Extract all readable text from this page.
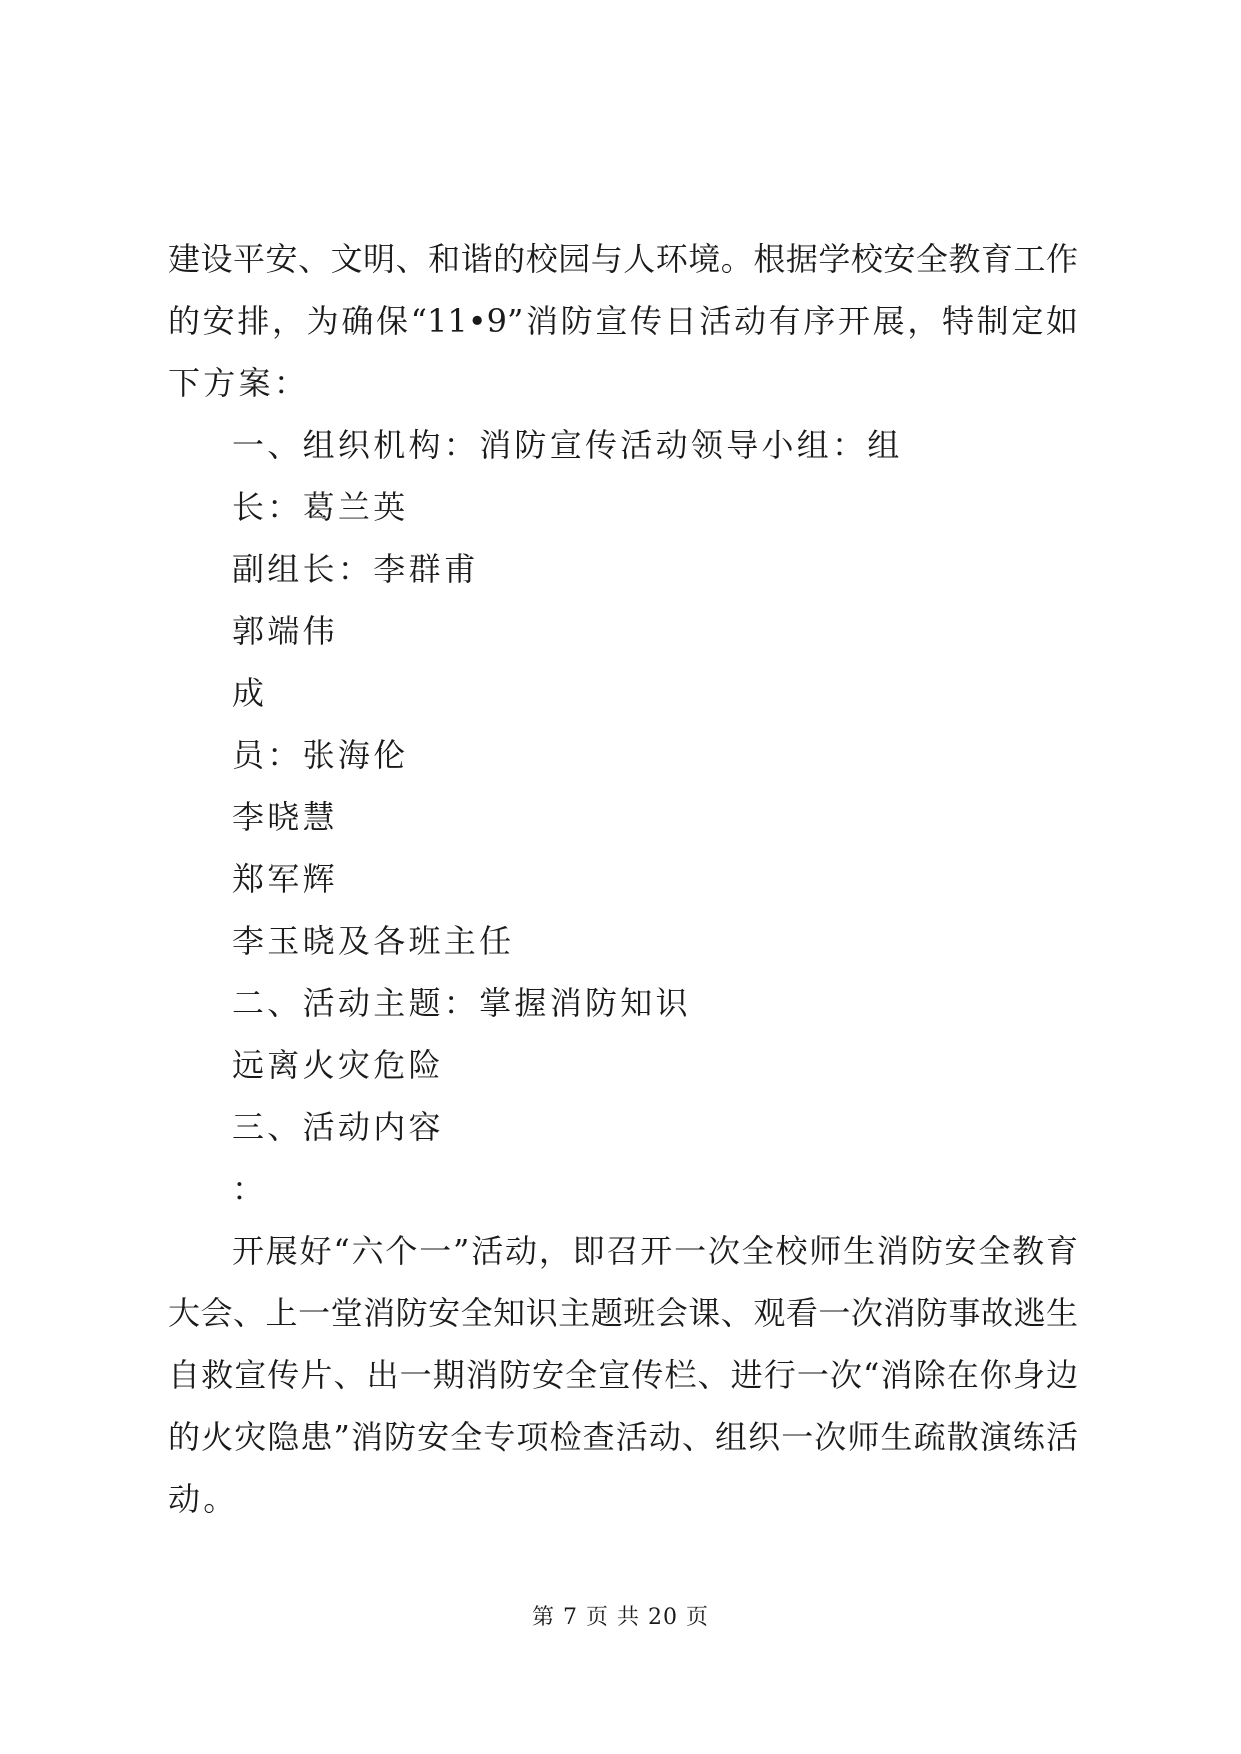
建设平安、文明、和谐的校园与人环境。根据学校安全教育工作
的安排，为确保“11•9”消防宣传日活动有序开展，特制定如
下方案：
一、组织机构：消防宣传活动领导小组：组
长：葛兰英
副组长：李群甫
郭端伟
成
员：张海伦
李晓慧
郑军辉
李玉晓及各班主任
二、活动主题：掌握消防知识
远离火灾危险
三、活动内容
：
开展好“六个一”活动，即召开一次全校师生消防安全教育
大会、上一堂消防安全知识主题班会课、观看一次消防事故逃生
自救宣传片、出一期消防安全宣传栏、进行一次“消除在你身边
的火灾隐患”消防安全专项检查活动、组织一次师生疏散演练活
动。
第 7 页 共 20 页
